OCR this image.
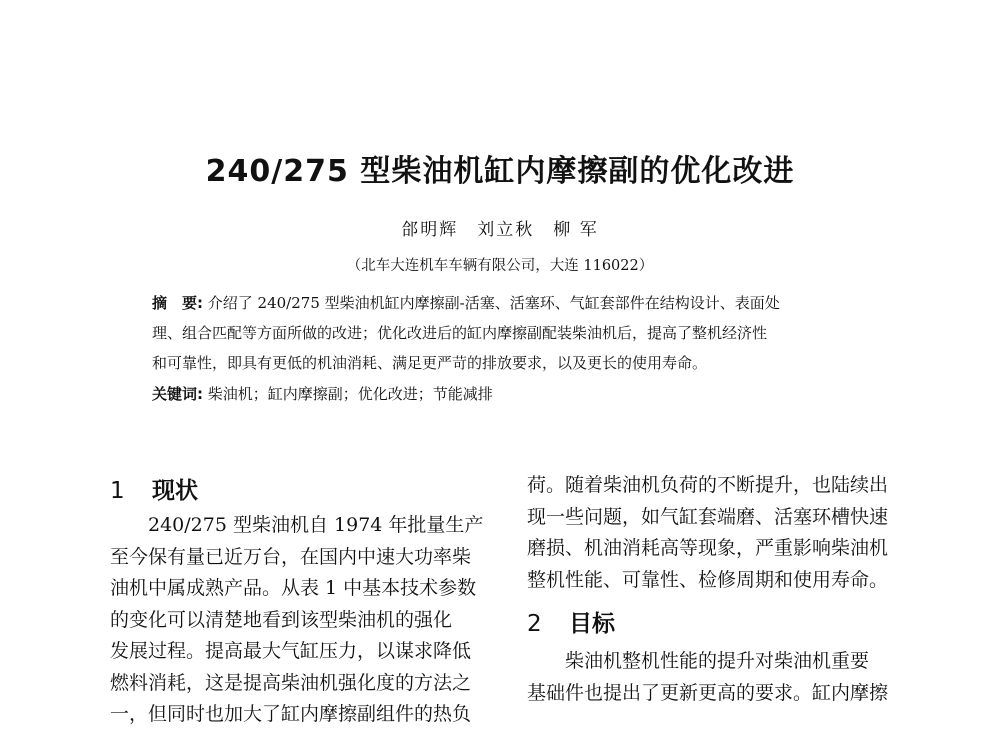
240/275 型柴油机缸内摩擦副的优化改进
郃明辉　刘立秋　柳 军
（北车大连机车车辆有限公司，大连 116022）
摘　要: 介绍了 240/275 型柴油机缸内摩擦副-活塞、活塞环、气缸套部件在结构设计、表面处
理、组合匹配等方面所做的改进；优化改进后的缸内摩擦副配装柴油机后，提高了整机经济性
和可靠性，即具有更低的机油消耗、满足更严苛的排放要求，以及更长的使用寿命。
关键词: 柴油机；缸内摩擦副；优化改进；节能减排
1 现状
　　240/275 型柴油机自 1974 年批量生产
至今保有量已近万台，在国内中速大功率柴
油机中属成熟产品。从表 1 中基本技术参数
的变化可以清楚地看到该型柴油机的强化
发展过程。提高最大气缸压力，以谋求降低
燃料消耗，这是提高柴油机强化度的方法之
一，但同时也加大了缸内摩擦副组件的热负
荷。随着柴油机负荷的不断提升，也陆续出
现一些问题，如气缸套端磨、活塞环槽快速
磨损、机油消耗高等现象，严重影响柴油机
整机性能、可靠性、检修周期和使用寿命。
2 目标
　　柴油机整机性能的提升对柴油机重要
基础件也提出了更新更高的要求。缸内摩擦
